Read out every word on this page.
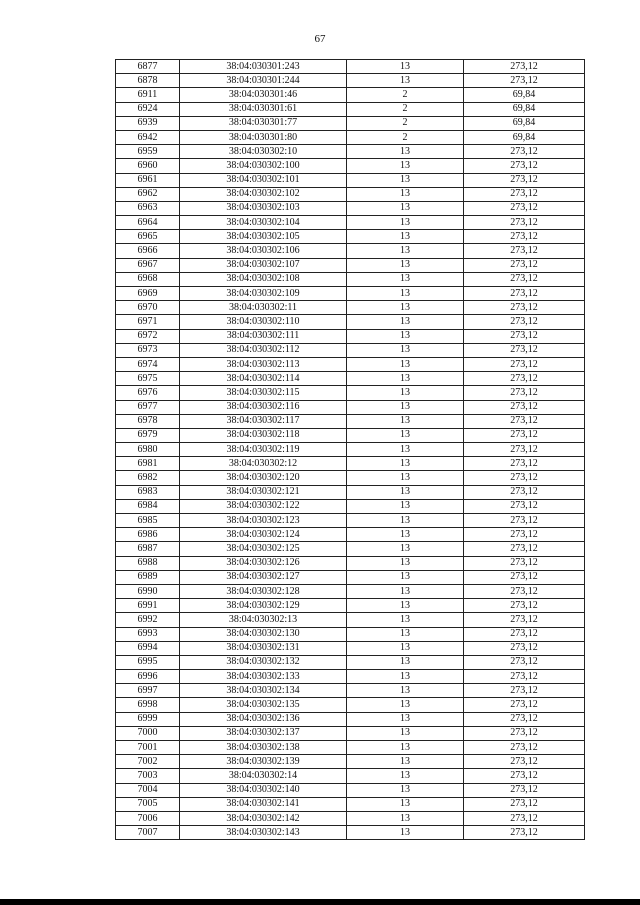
67
6877	38:04:030301:243	13	273,12
6878	38:04:030301:244	13	273,12
6911	38:04:030301:46	2	69,84
6924	38:04:030301:61	2	69,84
6939	38:04:030301:77	2	69,84
6942	38:04:030301:80	2	69,84
6959	38:04:030302:10	13	273,12
6960	38:04:030302:100	13	273,12
6961	38:04:030302:101	13	273,12
6962	38:04:030302:102	13	273,12
6963	38:04:030302:103	13	273,12
6964	38:04:030302:104	13	273,12
6965	38:04:030302:105	13	273,12
6966	38:04:030302:106	13	273,12
6967	38:04:030302:107	13	273,12
6968	38:04:030302:108	13	273,12
6969	38:04:030302:109	13	273,12
6970	38:04:030302:11	13	273,12
6971	38:04:030302:110	13	273,12
6972	38:04:030302:111	13	273,12
6973	38:04:030302:112	13	273,12
6974	38:04:030302:113	13	273,12
6975	38:04:030302:114	13	273,12
6976	38:04:030302:115	13	273,12
6977	38:04:030302:116	13	273,12
6978	38:04:030302:117	13	273,12
6979	38:04:030302:118	13	273,12
6980	38:04:030302:119	13	273,12
6981	38:04:030302:12	13	273,12
6982	38:04:030302:120	13	273,12
6983	38:04:030302:121	13	273,12
6984	38:04:030302:122	13	273,12
6985	38:04:030302:123	13	273,12
6986	38:04:030302:124	13	273,12
6987	38:04:030302:125	13	273,12
6988	38:04:030302:126	13	273,12
6989	38:04:030302:127	13	273,12
6990	38:04:030302:128	13	273,12
6991	38:04:030302:129	13	273,12
6992	38:04:030302:13	13	273,12
6993	38:04:030302:130	13	273,12
6994	38:04:030302:131	13	273,12
6995	38:04:030302:132	13	273,12
6996	38:04:030302:133	13	273,12
6997	38:04:030302:134	13	273,12
6998	38:04:030302:135	13	273,12
6999	38:04:030302:136	13	273,12
7000	38:04:030302:137	13	273,12
7001	38:04:030302:138	13	273,12
7002	38:04:030302:139	13	273,12
7003	38:04:030302:14	13	273,12
7004	38:04:030302:140	13	273,12
7005	38:04:030302:141	13	273,12
7006	38:04:030302:142	13	273,12
7007	38:04:030302:143	13	273,12
